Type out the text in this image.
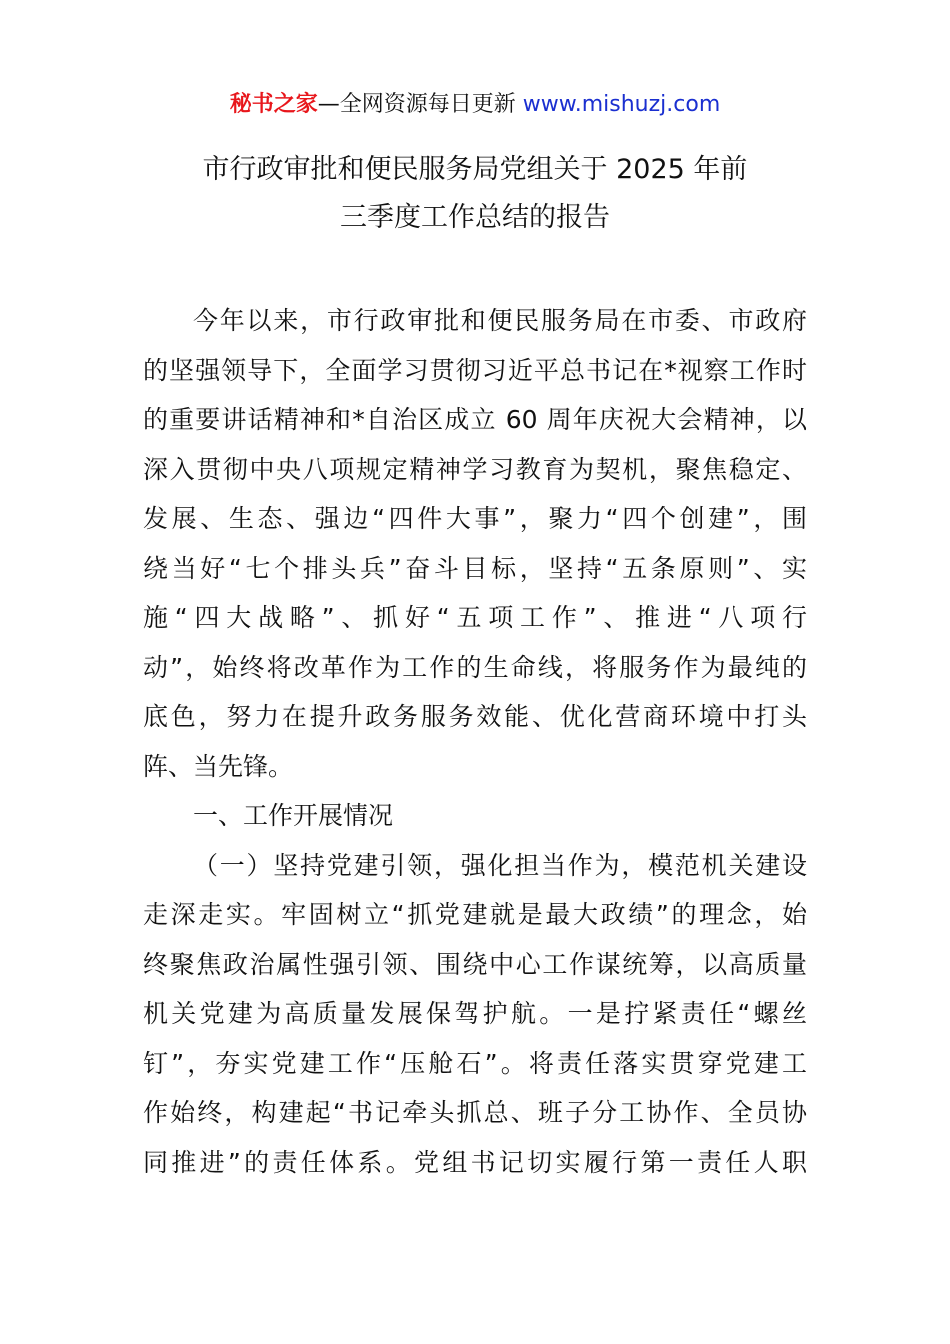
秘书之家—全网资源每日更新 www.mishuzj.com
市行政审批和便民服务局党组关于 2025 年前
三季度工作总结的报告
今年以来，市行政审批和便民服务局在市委、市政府
的坚强领导下，全面学习贯彻习近平总书记在*视察工作时
的重要讲话精神和*自治区成立 60 周年庆祝大会精神，以
深入贯彻中央八项规定精神学习教育为契机，聚焦稳定、
发展、生态、强边“四件大事”，聚力“四个创建”，围
绕当好“七个排头兵”奋斗目标，坚持“五条原则”、实
施“四大战略”、抓好“五项工作”、推进“八项行
动”，始终将改革作为工作的生命线，将服务作为最纯的
底色，努力在提升政务服务效能、优化营商环境中打头
阵、当先锋。
一、工作开展情况
（一）坚持党建引领，强化担当作为，模范机关建设
走深走实。牢固树立“抓党建就是最大政绩”的理念，始
终聚焦政治属性强引领、围绕中心工作谋统筹，以高质量
机关党建为高质量发展保驾护航。一是拧紧责任“螺丝
钉”，夯实党建工作“压舱石”。将责任落实贯穿党建工
作始终，构建起“书记牵头抓总、班子分工协作、全员协
同推进”的责任体系。党组书记切实履行第一责任人职
